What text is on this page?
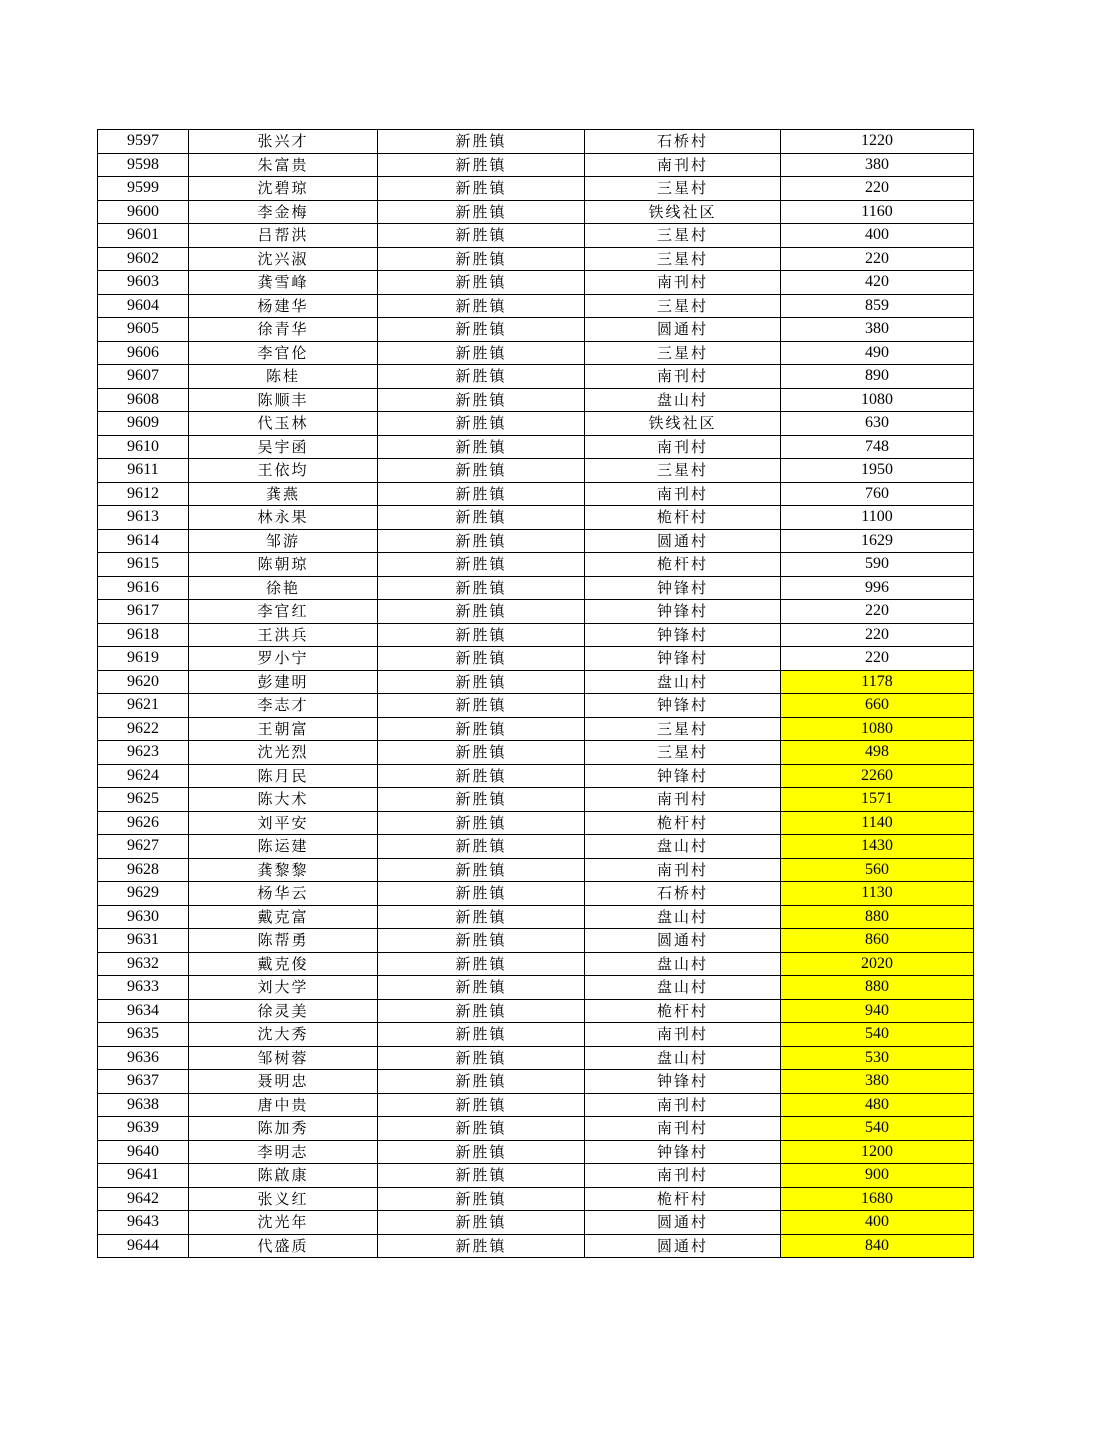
9597	张兴才	新胜镇	石桥村	1220
9598	朱富贵	新胜镇	南刊村	380
9599	沈碧琼	新胜镇	三星村	220
9600	李金梅	新胜镇	铁线社区	1160
9601	吕帮洪	新胜镇	三星村	400
9602	沈兴淑	新胜镇	三星村	220
9603	龚雪峰	新胜镇	南刊村	420
9604	杨建华	新胜镇	三星村	859
9605	徐青华	新胜镇	圆通村	380
9606	李官伦	新胜镇	三星村	490
9607	陈桂	新胜镇	南刊村	890
9608	陈顺丰	新胜镇	盘山村	1080
9609	代玉林	新胜镇	铁线社区	630
9610	吴宇函	新胜镇	南刊村	748
9611	王依均	新胜镇	三星村	1950
9612	龚燕	新胜镇	南刊村	760
9613	林永果	新胜镇	桅杆村	1100
9614	邹游	新胜镇	圆通村	1629
9615	陈朝琼	新胜镇	桅杆村	590
9616	徐艳	新胜镇	钟锋村	996
9617	李官红	新胜镇	钟锋村	220
9618	王洪兵	新胜镇	钟锋村	220
9619	罗小宁	新胜镇	钟锋村	220
9620	彭建明	新胜镇	盘山村	1178
9621	李志才	新胜镇	钟锋村	660
9622	王朝富	新胜镇	三星村	1080
9623	沈光烈	新胜镇	三星村	498
9624	陈月民	新胜镇	钟锋村	2260
9625	陈大术	新胜镇	南刊村	1571
9626	刘平安	新胜镇	桅杆村	1140
9627	陈运建	新胜镇	盘山村	1430
9628	龚黎黎	新胜镇	南刊村	560
9629	杨华云	新胜镇	石桥村	1130
9630	戴克富	新胜镇	盘山村	880
9631	陈帮勇	新胜镇	圆通村	860
9632	戴克俊	新胜镇	盘山村	2020
9633	刘大学	新胜镇	盘山村	880
9634	徐灵美	新胜镇	桅杆村	940
9635	沈大秀	新胜镇	南刊村	540
9636	邹树蓉	新胜镇	盘山村	530
9637	聂明忠	新胜镇	钟锋村	380
9638	唐中贵	新胜镇	南刊村	480
9639	陈加秀	新胜镇	南刊村	540
9640	李明志	新胜镇	钟锋村	1200
9641	陈啟康	新胜镇	南刊村	900
9642	张义红	新胜镇	桅杆村	1680
9643	沈光年	新胜镇	圆通村	400
9644	代盛质	新胜镇	圆通村	840
